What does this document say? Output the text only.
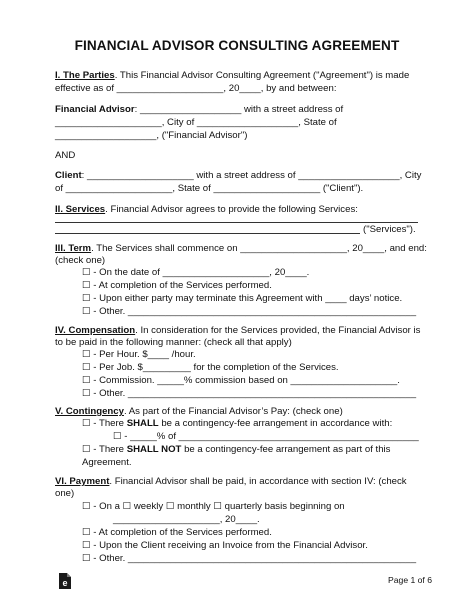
FINANCIAL ADVISOR CONSULTING AGREEMENT
I. The Parties. This Financial Advisor Consulting Agreement ("Agreement") is made
effective as of ____________________, 20____, by and between:
Financial Advisor: ___________________ with a street address of
____________________, City of ___________________, State of
___________________, ("Financial Advisor")
AND
Client: ____________________ with a street address of ___________________, City
of ____________________, State of ____________________ ("Client").
II. Services. Financial Advisor agrees to provide the following Services:
("Services").
III. Term. The Services shall commence on ____________________, 20____, and end:
(check one)
☐ - On the date of ____________________, 20____.
☐ - At completion of the Services performed.
☐ - Upon either party may terminate this Agreement with ____ days’ notice.
☐ - Other. ______________________________________________________
IV. Compensation. In consideration for the Services provided, the Financial Advisor is
to be paid in the following manner: (check all that apply)
☐ - Per Hour. $____ /hour.
☐ - Per Job. $_________ for the completion of the Services.
☐ - Commission. _____% commission based on ____________________.
☐ - Other. ______________________________________________________
V. Contingency. As part of the Financial Advisor’s Pay: (check one)
☐ - There SHALL be a contingency-fee arrangement in accordance with:
☐ - _____% of _____________________________________________
☐ - There SHALL NOT be a contingency-fee arrangement as part of this
Agreement.
VI. Payment. Financial Advisor shall be paid, in accordance with section IV: (check
one)
☐ - On a ☐ weekly ☐ monthly ☐ quarterly basis beginning on
____________________, 20____.
☐ - At completion of the Services performed.
☐ - Upon the Client receiving an Invoice from the Financial Advisor.
☐ - Other. ______________________________________________________
e	Page 1 of 6
